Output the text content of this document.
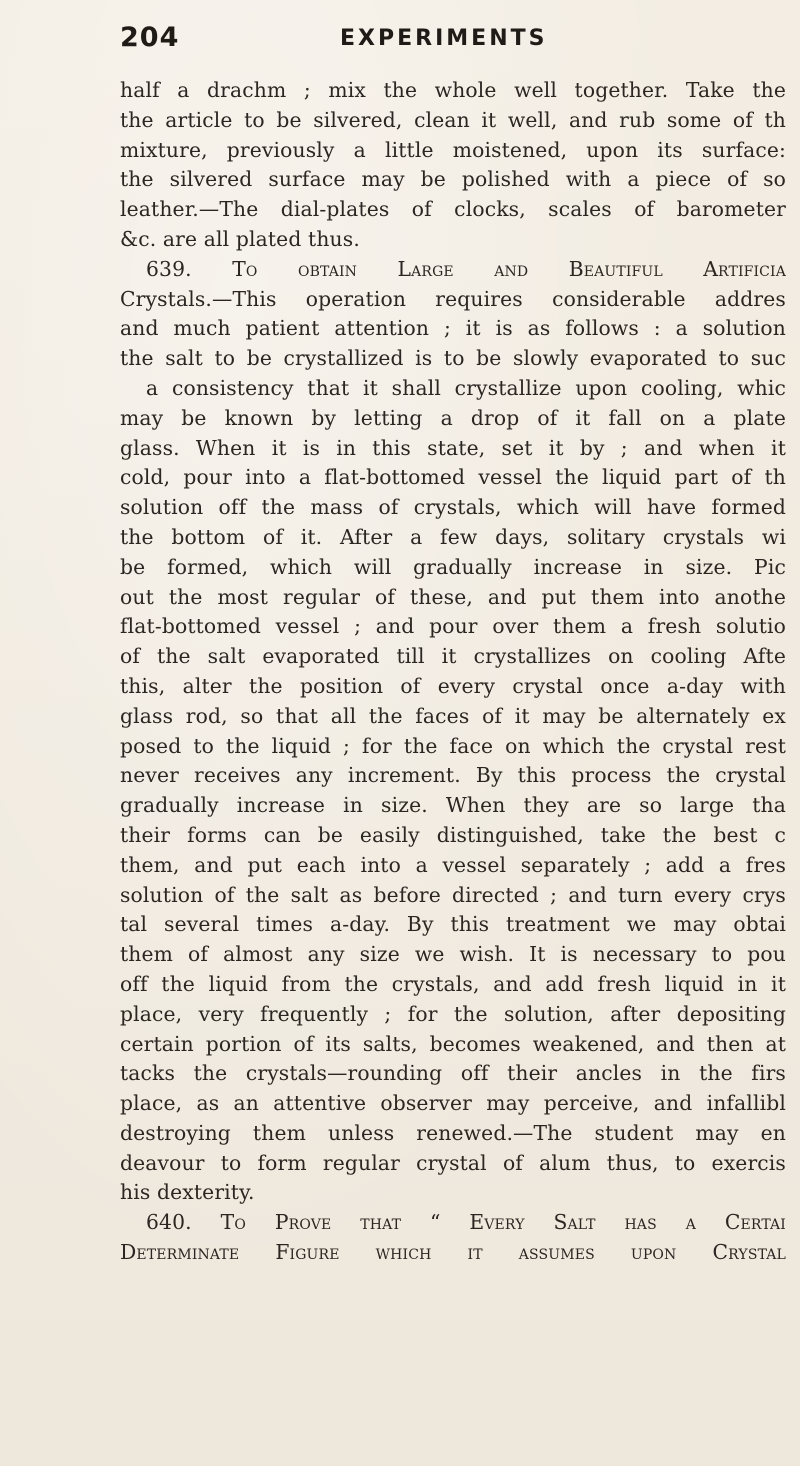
204	EXPERIMENTS
half a drachm ; mix the whole well together. Take the
the article to be silvered, clean it well, and rub some of th
mixture, previously a little moistened, upon its surface:
the silvered surface may be polished with a piece of so
leather.—The dial-plates of clocks, scales of barometer
&c. are all plated thus.
639. To obtain Large and Beautiful Artificia
Crystals.—This operation requires considerable addres
and much patient attention ; it is as follows : a solution
the salt to be crystallized is to be slowly evaporated to suc
a consistency that it shall crystallize upon cooling, whic
may be known by letting a drop of it fall on a plate
glass. When it is in this state, set it by ; and when it
cold, pour into a flat-bottomed vessel the liquid part of th
solution off the mass of crystals, which will have formed
the bottom of it. After a few days, solitary crystals wi
be formed, which will gradually increase in size. Pic
out the most regular of these, and put them into anothe
flat-bottomed vessel ; and pour over them a fresh solutio
of the salt evaporated till it crystallizes on cooling Afte
this, alter the position of every crystal once a-day with
glass rod, so that all the faces of it may be alternately ex
posed to the liquid ; for the face on which the crystal rest
never receives any increment. By this process the crystal
gradually increase in size. When they are so large tha
their forms can be easily distinguished, take the best c
them, and put each into a vessel separately ; add a fres
solution of the salt as before directed ; and turn every crys
tal several times a-day. By this treatment we may obtai
them of almost any size we wish. It is necessary to pou
off the liquid from the crystals, and add fresh liquid in it
place, very frequently ; for the solution, after depositing
certain portion of its salts, becomes weakened, and then at
tacks the crystals—rounding off their ancles in the firs
place, as an attentive observer may perceive, and infallibl
destroying them unless renewed.—The student may en
deavour to form regular crystal of alum thus, to exercis
his dexterity.
640. To Prove that “ Every Salt has a Certai
Determinate Figure which it assumes upon Crystal
